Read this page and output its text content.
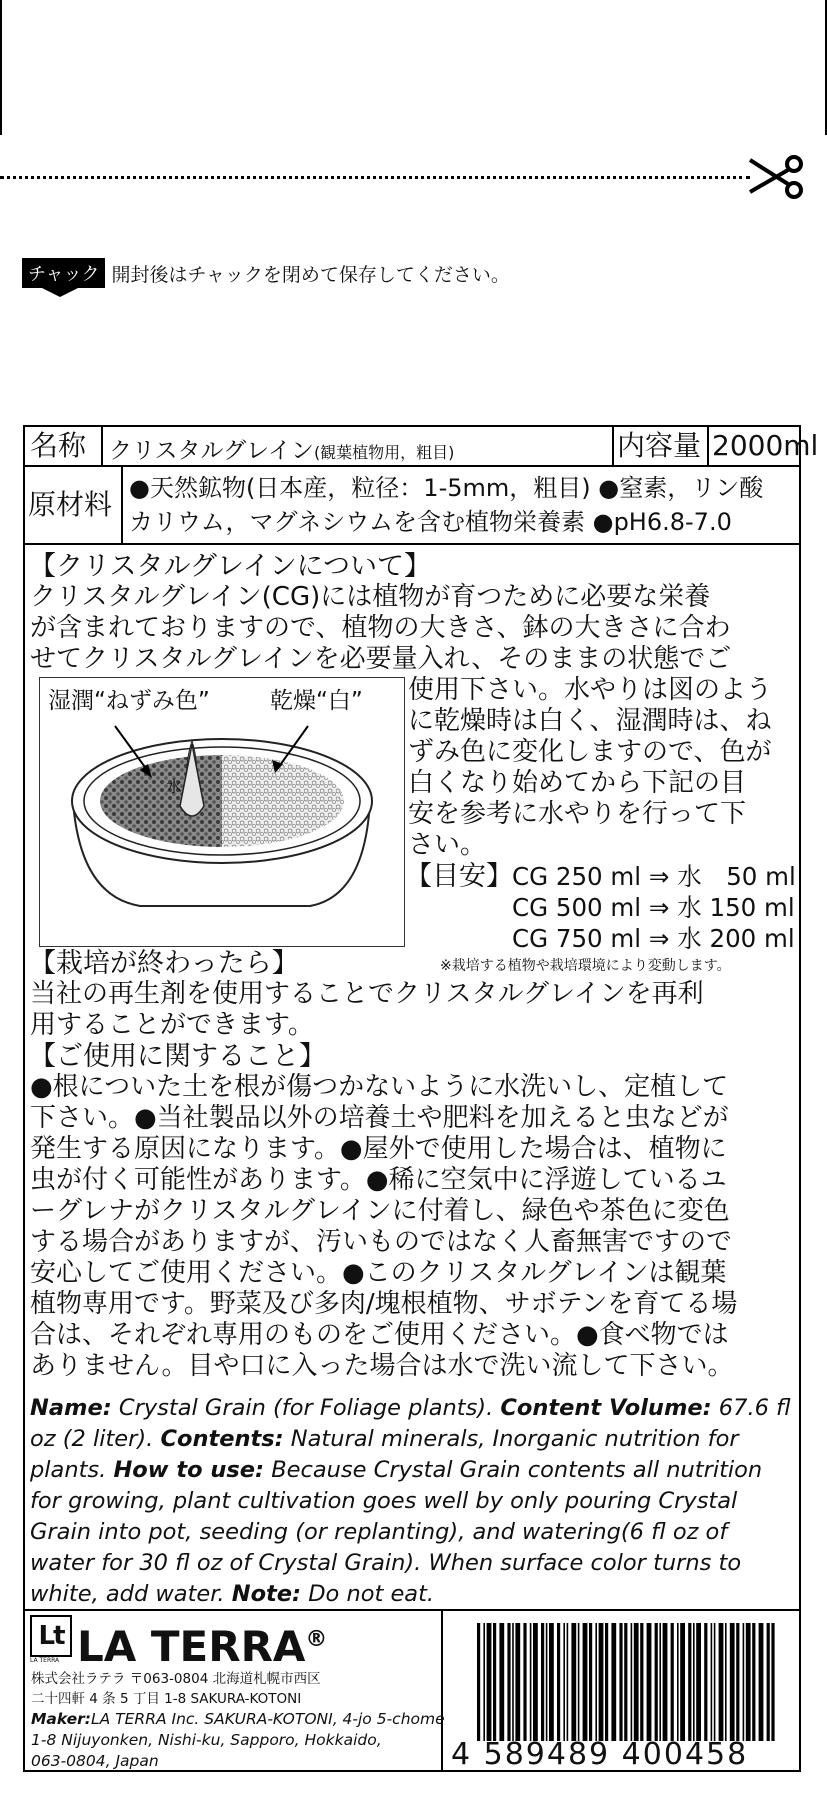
チャック 開封後はチャックを閉めて保存してください。
名称 クリスタルグレイン(観葉植物用，粗目)	内容量 2000ml
原材料 ●天然鉱物(日本産，粒径：1-5mm，粗目) ●窒素，リン酸
カリウム，マグネシウムを含む植物栄養素 ●pH6.8-7.0
【クリスタルグレインについて】
クリスタルグレイン(CG)には植物が育つために必要な栄養
が含まれておりますので、植物の大きさ、鉢の大きさに合わ
せてクリスタルグレインを必要量入れ、そのままの状態でご
湿潤“ねずみ色”	乾燥“白”
水
使用下さい。水やりは図のよう
に乾燥時は白く、湿潤時は、ね
ずみ色に変化しますので、色が
白くなり始めてから下記の目
安を参考に水やりを行って下
さい。
【目安】 CG 250 ml ⇒ 水　50 ml
CG 500 ml ⇒ 水 150 ml
CG 750 ml ⇒ 水 200 ml
【栽培が終わったら】	※栽培する植物や栽培環境により変動します。
当社の再生剤を使用することでクリスタルグレインを再利
用することができます。
【ご使用に関すること】
●根についた土を根が傷つかないように水洗いし、定植して
下さい。●当社製品以外の培養土や肥料を加えると虫などが
発生する原因になります。●屋外で使用した場合は、植物に
虫が付く可能性があります。●稀に空気中に浮遊しているユ
ーグレナがクリスタルグレインに付着し、緑色や茶色に変色
する場合がありますが、汚いものではなく人畜無害ですので
安心してご使用ください。●このクリスタルグレインは観葉
植物専用です。野菜及び多肉/塊根植物、サボテンを育てる場
合は、それぞれ専用のものをご使用ください。●食べ物では
ありません。目や口に入った場合は水で洗い流して下さい。
Name: Crystal Grain (for Foliage plants). Content Volume: 67.6 fl oz (2 liter). Contents: Natural minerals, Inorganic nutrition for plants. How to use: Because Crystal Grain contents all nutrition for growing, plant cultivation goes well by only pouring Crystal Grain into pot, seeding (or replanting), and watering(6 fl oz of water for 30 fl oz of Crystal Grain). When surface color turns to white, add water. Note: Do not eat.
Lt
LA TERRA LA TERRA®
株式会社ラテラ 〒063-0804 北海道札幌市西区
二十四軒 4 条 5 丁目 1-8 SAKURA-KOTONI
Maker:LA TERRA Inc. SAKURA-KOTONI, 4-jo 5-chome
1-8 Nijuyonken, Nishi-ku, Sapporo, Hokkaido,
063-0804, Japan	4 589489 400458
